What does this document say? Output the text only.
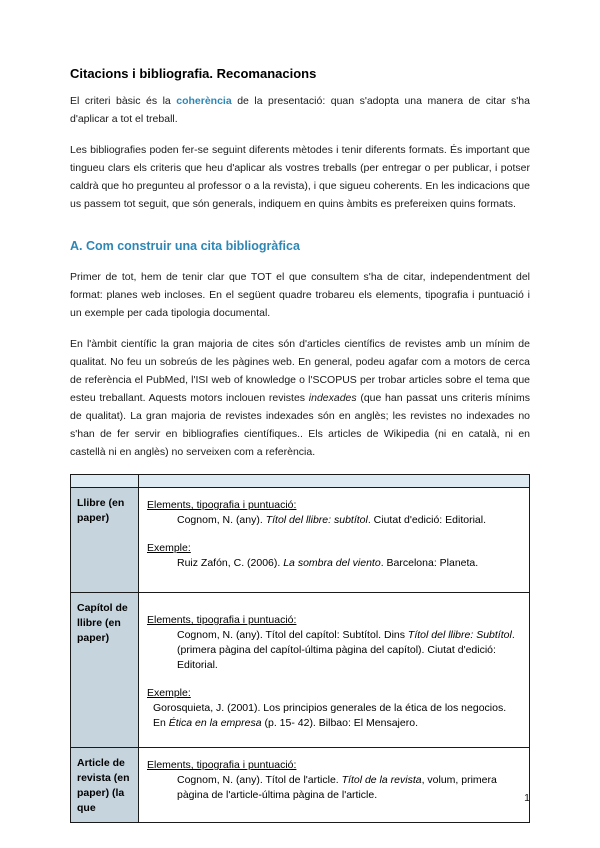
Citacions i bibliografia. Recomanacions

El criteri bàsic és la coherència de la presentació: quan s'adopta una manera de citar s'ha d'aplicar a tot el treball.

Les bibliografies poden fer-se seguint diferents mètodes i tenir diferents formats. És important que tingueu clars els criteris que heu d'aplicar als vostres treballs (per entregar o per publicar, i potser caldrà que ho pregunteu al professor o a la revista), i que sigueu coherents. En les indicacions que us passem tot seguit, que són generals, indiquem en quins àmbits es prefereixen quins formats.

A. Com construir una cita bibliogràfica

Primer de tot, hem de tenir clar que TOT el que consultem s'ha de citar, independentment del format: planes web incloses. En el següent quadre trobareu els elements, tipografia i puntuació i un exemple per cada tipologia documental.

En l'àmbit científic la gran majoria de cites són d'articles científics de revistes amb un mínim de qualitat. No feu un sobreús de les pàgines web. En general, podeu agafar com a motors de cerca de referència el PubMed, l'ISI web of knowledge o l'SCOPUS per trobar articles sobre el tema que esteu treballant. Aquests motors inclouen revistes indexades (que han passat uns criteris mínims de qualitat). La gran majoria de revistes indexades són en anglès; les revistes no indexades no s'han de fer servir en bibliografies científiques.. Els articles de Wikipedia (ni en català, ni en castellà ni en anglès) no serveixen com a referència.

Llibre (en paper)	Elements, tipografia i puntuació:
Cognom, N. (any). Títol del llibre: subtítol. Ciutat d'edició: Editorial.
Exemple:
Ruiz Zafón, C. (2006). La sombra del viento. Barcelona: Planeta.

Capítol de llibre (en paper)	Elements, tipografia i puntuació:
Cognom, N. (any). Títol del capítol: Subtítol. Dins Títol del llibre: Subtítol. (primera pàgina del capítol-última pàgina del capítol). Ciutat d'edició: Editorial.
Exemple:
Gorosquieta, J. (2001). Los principios generales de la ética de los negocios. En Ética en la empresa (p. 15- 42). Bilbao: El Mensajero.

Article de revista (en paper) (la que	Elements, tipografia i puntuació:
Cognom, N. (any). Títol de l'article. Títol de la revista, volum, primera pàgina de l'article-última pàgina de l'article.	1
